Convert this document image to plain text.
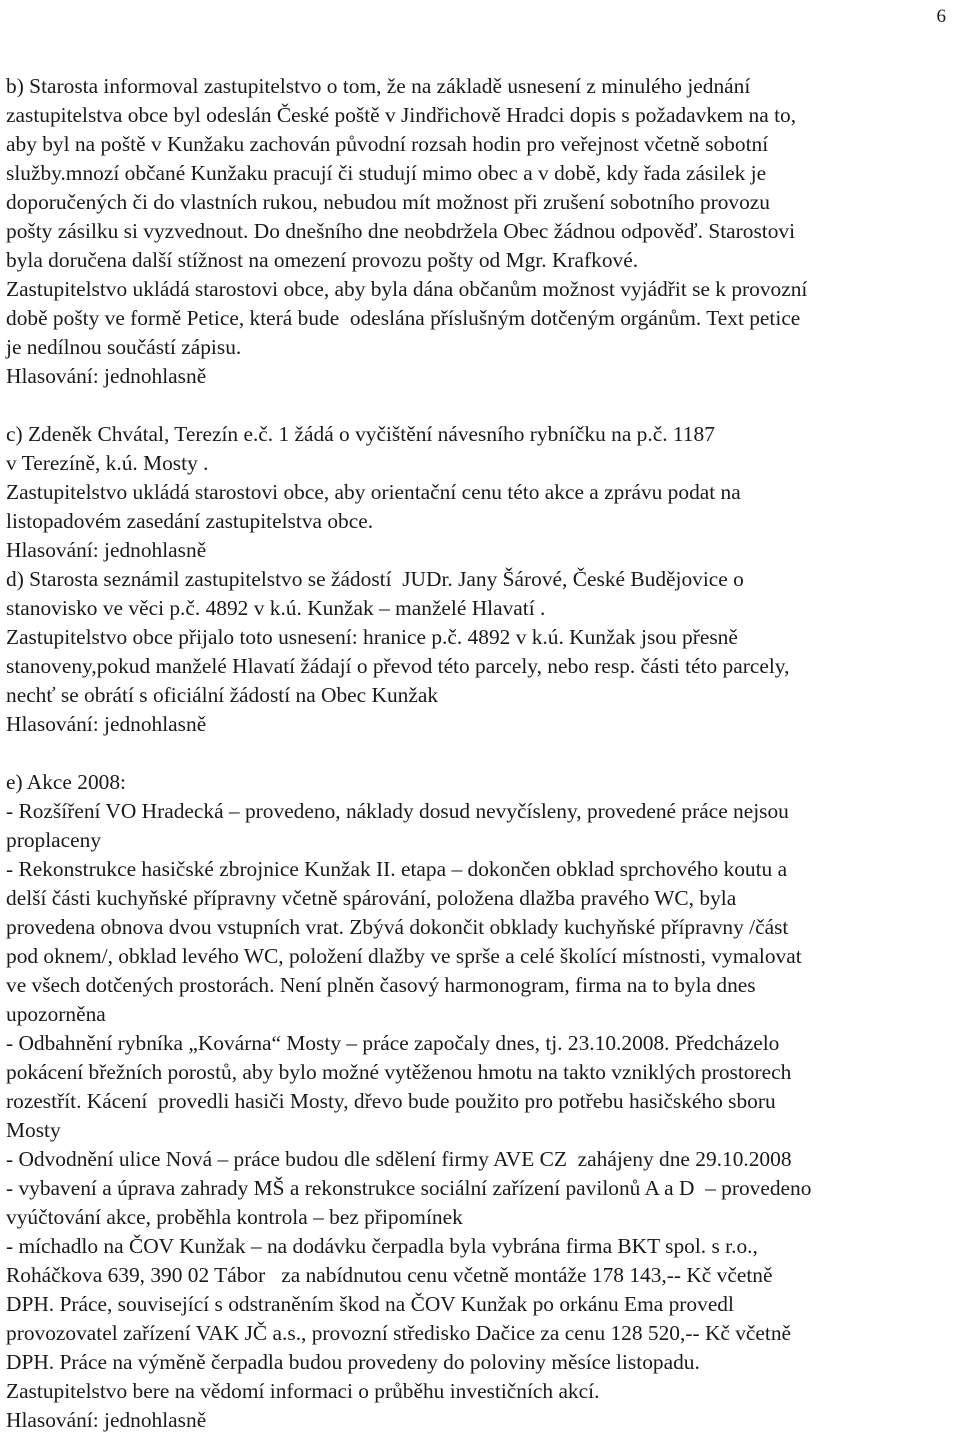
6
b) Starosta informoval zastupitelstvo o tom, že na základě usnesení z minulého jednání
zastupitelstva obce byl odeslán České poště v Jindřichově Hradci dopis s požadavkem na to,
aby byl na poště v Kunžaku zachován původní rozsah hodin pro veřejnost včetně sobotní
služby.mnozí občané Kunžaku pracují či studují mimo obec a v době, kdy řada zásilek je
doporučených či do vlastních rukou, nebudou mít možnost při zrušení sobotního provozu
pošty zásilku si vyzvednout. Do dnešního dne neobdržela Obec žádnou odpověď. Starostovi
byla doručena další stížnost na omezení provozu pošty od Mgr. Krafkové.
Zastupitelstvo ukládá starostovi obce, aby byla dána občanům možnost vyjádřit se k provozní
době pošty ve formě Petice, která bude  odeslána příslušným dotčeným orgánům. Text petice
je nedílnou součástí zápisu.
Hlasování: jednohlasně
c) Zdeněk Chvátal, Terezín e.č. 1 žádá o vyčištění návesního rybníčku na p.č. 1187
v Terezíně, k.ú. Mosty .
Zastupitelstvo ukládá starostovi obce, aby orientační cenu této akce a zprávu podat na
listopadovém zasedání zastupitelstva obce.
Hlasování: jednohlasně
d) Starosta seznámil zastupitelstvo se žádostí  JUDr. Jany Šárové, České Budějovice o
stanovisko ve věci p.č. 4892 v k.ú. Kunžak – manželé Hlavatí .
Zastupitelstvo obce přijalo toto usnesení: hranice p.č. 4892 v k.ú. Kunžak jsou přesně
stanoveny,pokud manželé Hlavatí žádají o převod této parcely, nebo resp. části této parcely,
nechť se obrátí s oficiální žádostí na Obec Kunžak
Hlasování: jednohlasně
e) Akce 2008:
- Rozšíření VO Hradecká – provedeno, náklady dosud nevyčísleny, provedené práce nejsou
proplaceny
- Rekonstrukce hasičské zbrojnice Kunžak II. etapa – dokončen obklad sprchového koutu a
delší části kuchyňské přípravny včetně spárování, položena dlažba pravého WC, byla
provedena obnova dvou vstupních vrat. Zbývá dokončit obklady kuchyňské přípravny /část
pod oknem/, obklad levého WC, položení dlažby ve sprše a celé školící místnosti, vymalovat
ve všech dotčených prostorách. Není plněn časový harmonogram, firma na to byla dnes
upozorněna
- Odbahnění rybníka „Kovárna“ Mosty – práce započaly dnes, tj. 23.10.2008. Předcházelo
pokácení břežních porostů, aby bylo možné vytěženou hmotu na takto vzniklých prostorech
rozestřít. Kácení  provedli hasiči Mosty, dřevo bude použito pro potřebu hasičského sboru
Mosty
- Odvodnění ulice Nová – práce budou dle sdělení firmy AVE CZ  zahájeny dne 29.10.2008
- vybavení a úprava zahrady MŠ a rekonstrukce sociální zařízení pavilonů A a D  – provedeno
vyúčtování akce, proběhla kontrola – bez připomínek
- míchadlo na ČOV Kunžak – na dodávku čerpadla byla vybrána firma BKT spol. s r.o.,
Roháčkova 639, 390 02 Tábor   za nabídnutou cenu včetně montáže 178 143,-- Kč včetně
DPH. Práce, související s odstraněním škod na ČOV Kunžak po orkánu Ema provedl
provozovatel zařízení VAK JČ a.s., provozní středisko Dačice za cenu 128 520,-- Kč včetně
DPH. Práce na výměně čerpadla budou provedeny do poloviny měsíce listopadu.
Zastupitelstvo bere na vědomí informaci o průběhu investičních akcí.
Hlasování: jednohlasně
